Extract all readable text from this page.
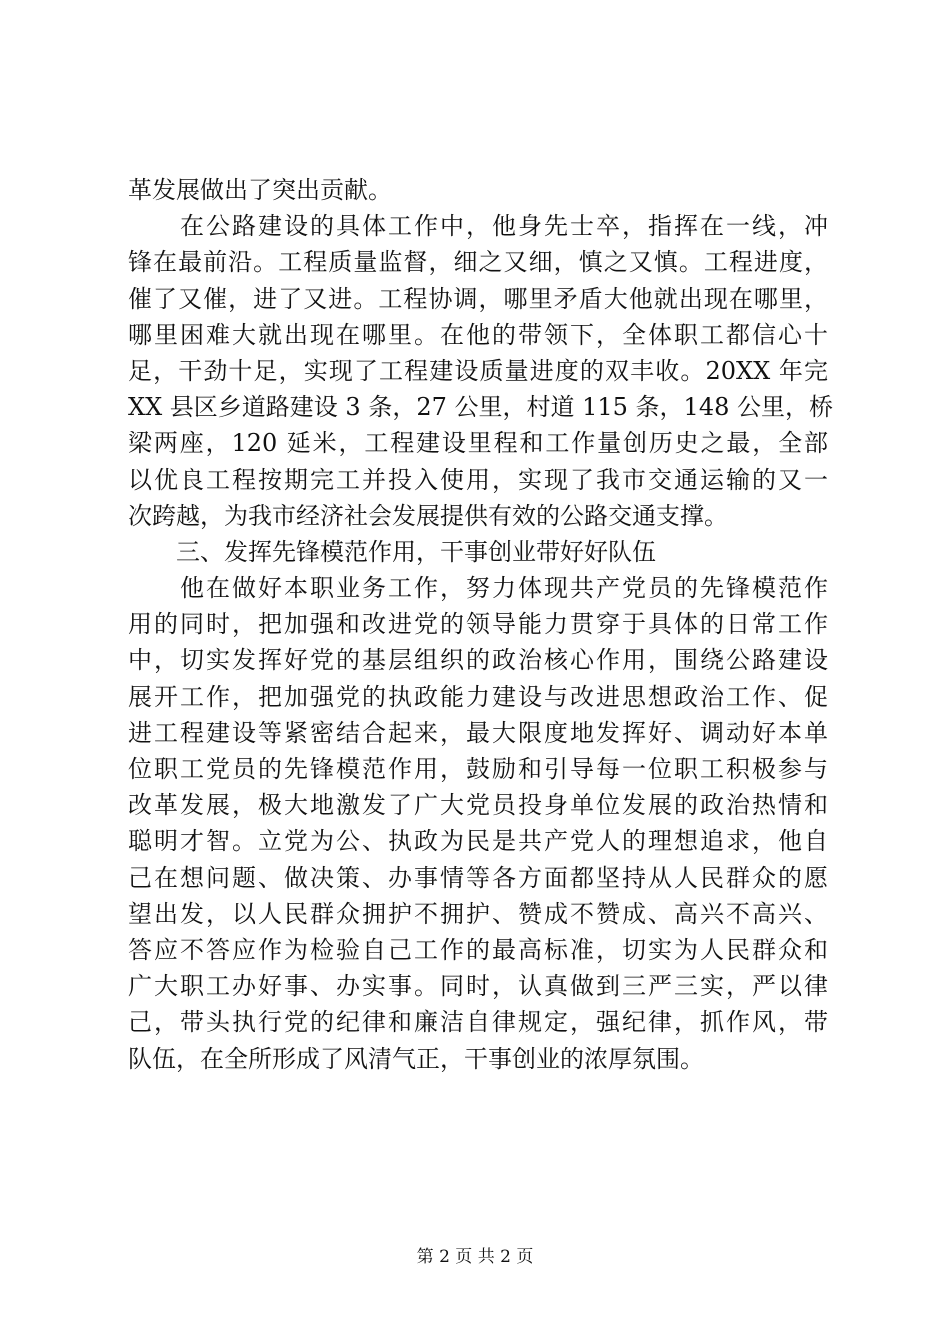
革发展做出了突出贡献。
　　在公路建设的具体工作中，他身先士卒，指挥在一线，冲
锋在最前沿。工程质量监督，细之又细，慎之又慎。工程进度，
催了又催，进了又进。工程协调，哪里矛盾大他就出现在哪里，
哪里困难大就出现在哪里。在他的带领下，全体职工都信心十
足，干劲十足，实现了工程建设质量进度的双丰收。20XX 年完
XX 县区乡道路建设 3 条，27 公里，村道 115 条，148 公里，桥
梁两座，120 延米，工程建设里程和工作量创历史之最，全部
以优良工程按期完工并投入使用，实现了我市交通运输的又一
次跨越，为我市经济社会发展提供有效的公路交通支撑。
　　三、发挥先锋模范作用，干事创业带好好队伍
　　他在做好本职业务工作，努力体现共产党员的先锋模范作
用的同时，把加强和改进党的领导能力贯穿于具体的日常工作
中，切实发挥好党的基层组织的政治核心作用，围绕公路建设
展开工作，把加强党的执政能力建设与改进思想政治工作、促
进工程建设等紧密结合起来，最大限度地发挥好、调动好本单
位职工党员的先锋模范作用，鼓励和引导每一位职工积极参与
改革发展，极大地激发了广大党员投身单位发展的政治热情和
聪明才智。立党为公、执政为民是共产党人的理想追求，他自
己在想问题、做决策、办事情等各方面都坚持从人民群众的愿
望出发，以人民群众拥护不拥护、赞成不赞成、高兴不高兴、
答应不答应作为检验自己工作的最高标准，切实为人民群众和
广大职工办好事、办实事。同时，认真做到三严三实，严以律
己，带头执行党的纪律和廉洁自律规定，强纪律，抓作风，带
队伍，在全所形成了风清气正，干事创业的浓厚氛围。
第 2 页 共 2 页
